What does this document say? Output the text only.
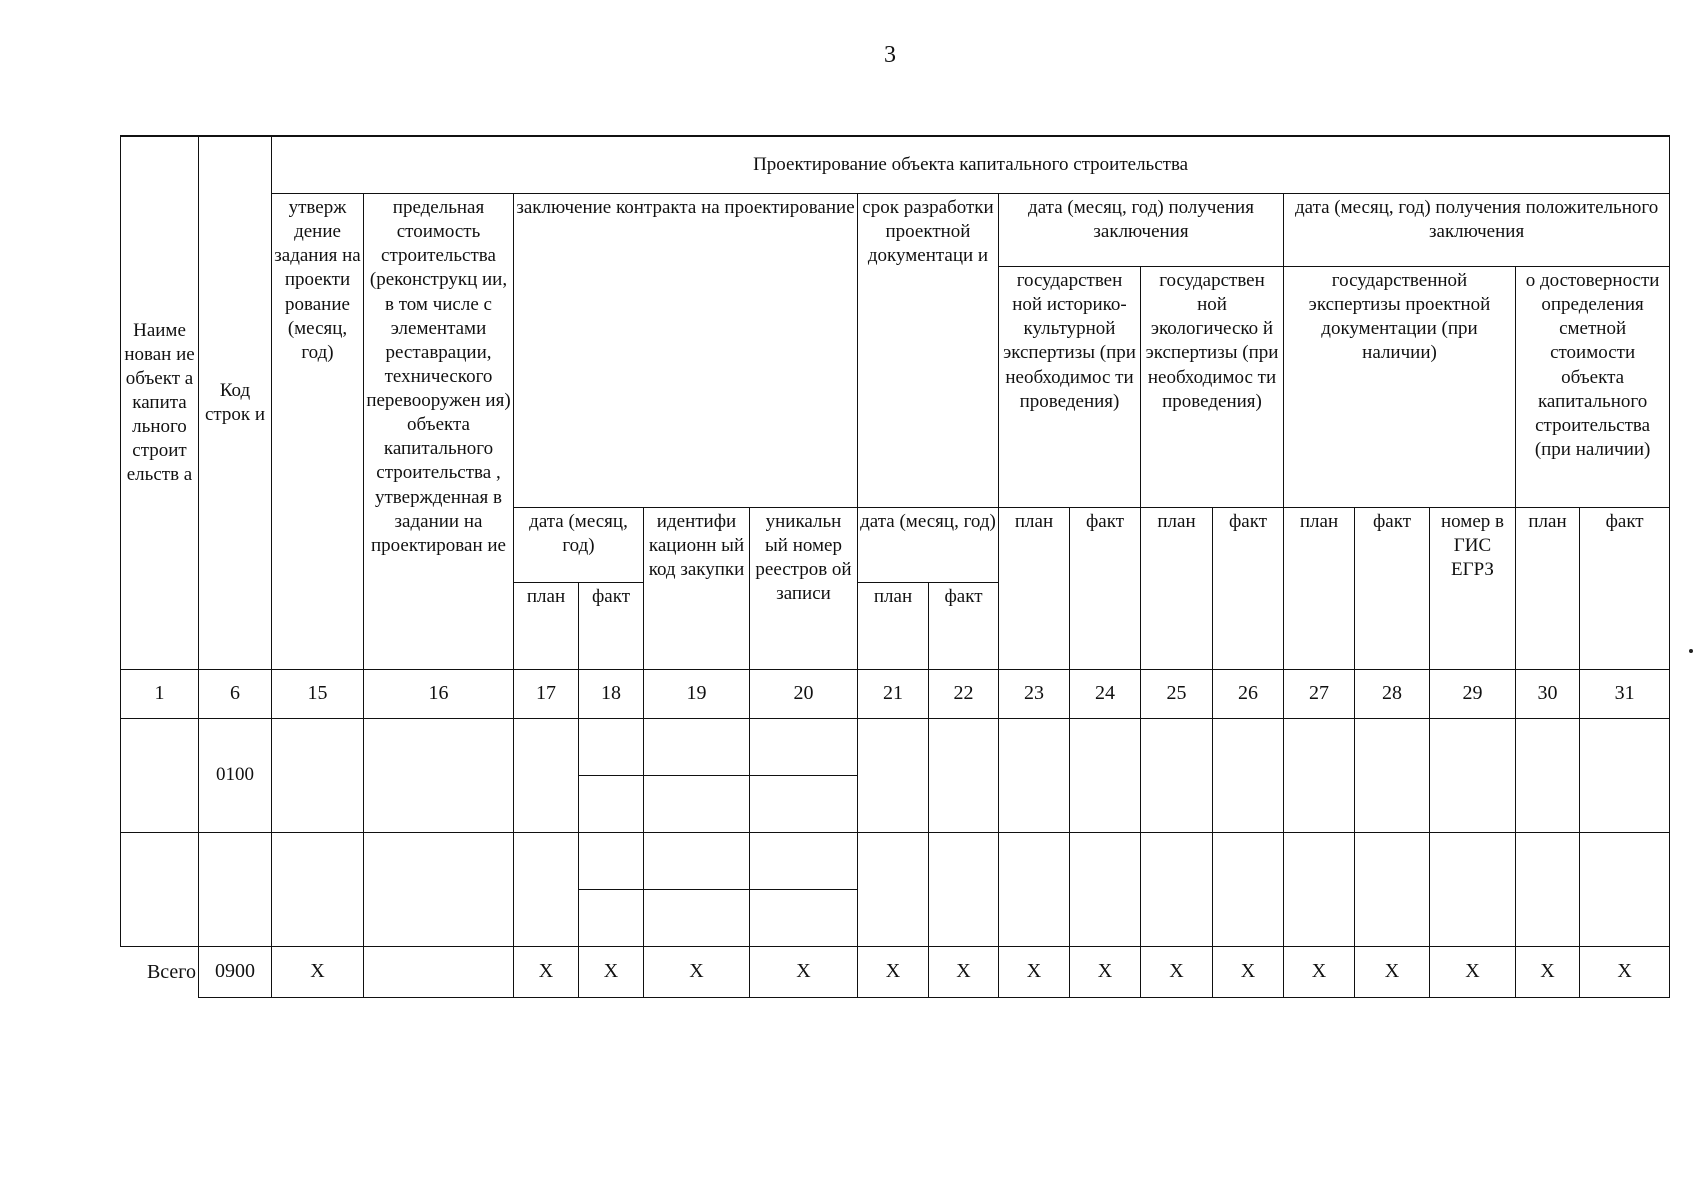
3
Наиме нован ие объект а капита льного строит ельств а	Код строк и	Проектирование объекта капитального строительства																
		утверж дение задания на проекти рование (месяц, год)	предельная стоимость строительства (реконструкц ии, в том числе с элементами реставрации, технического перевооружен ия) объекта капитального строительства , утвержденная в задании на проектирован ие	заключение контракта на проектирование				срок разработки проектной документаци и		дата (месяц, год) получения заключения				дата (месяц, год) получения положительного заключения				
										государствен ной историко- культурной экспертизы (при необходимос ти проведения)		государствен ной экологическо й экспертизы (при необходимос ти проведения)		государственной экспертизы проектной документации (при наличии)			о достоверности определения сметной стоимости объекта капитального строительства (при наличии)	
				дата (месяц, год)		идентифи кационн ый код закупки	уникальн ый номер реестров ой записи	дата (месяц, год)		план	факт	план	факт	план	факт	номер в ГИС ЕГРЗ	план	факт
				план	факт			план	факт									
1	6	15	16	17	18	19	20	21	22	23	24	25	26	27	28	29	30	31
	0100																	

Всего	0900	X		X	X	X	X	X	X	X	X	X	X	X	X	X	X	X
